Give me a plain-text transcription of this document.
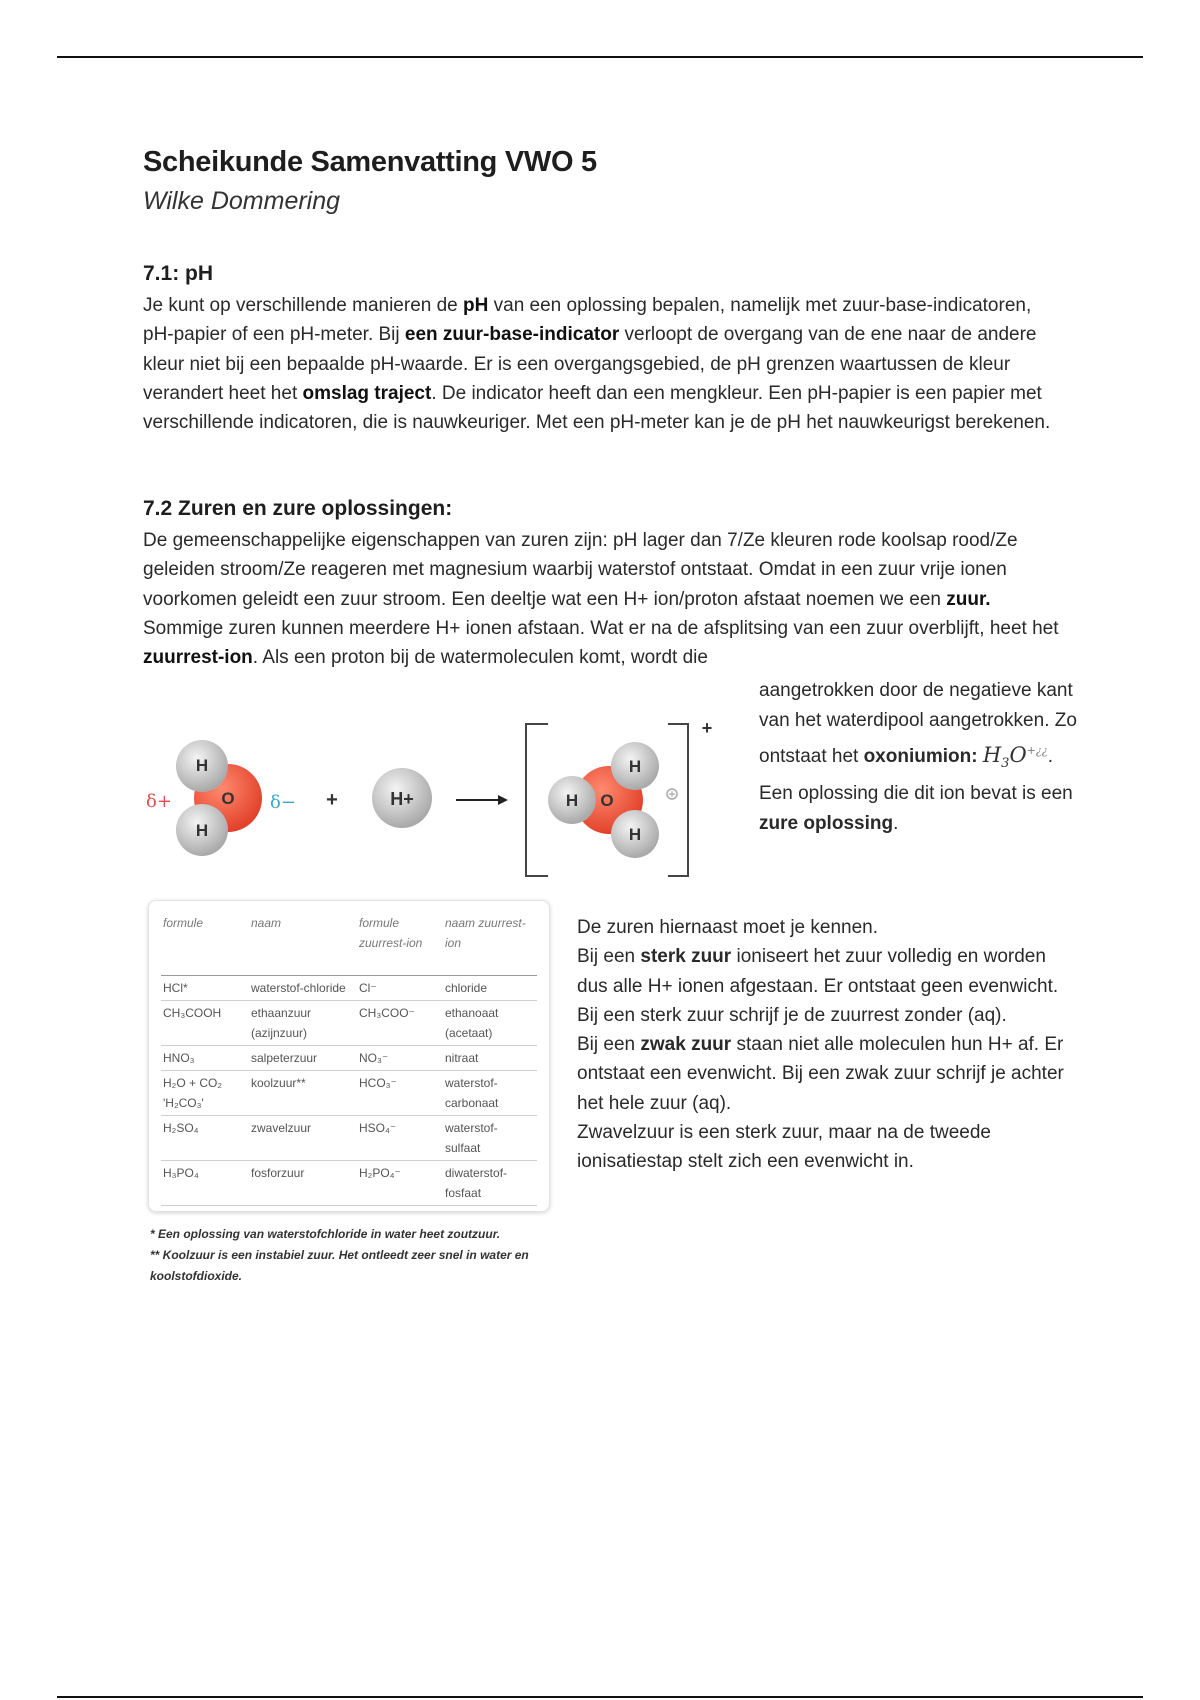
Scheikunde Samenvatting VWO 5
Wilke Dommering
7.1: pH

Je kunt op verschillende manieren de pH van een oplossing bepalen, namelijk met zuur-base-indicatoren, pH-papier of een pH-meter. Bij een zuur-base-indicator verloopt de overgang van de ene naar de andere kleur niet bij een bepaalde pH-waarde. Er is een overgangsgebied, de pH grenzen waartussen de kleur verandert heet het omslag traject. De indicator heeft dan een mengkleur. Een pH-papier is een papier met verschillende indicatoren, die is nauwkeuriger. Met een pH-meter kan je de pH het nauwkeurigst berekenen.

7.2 Zuren en zure oplossingen:

De gemeenschappelijke eigenschappen van zuren zijn: pH lager dan 7/Ze kleuren rode koolsap rood/Ze geleiden stroom/Ze reageren met magnesium waarbij waterstof ontstaat. Omdat in een zuur vrije ionen voorkomen geleidt een zuur stroom. Een deeltje wat een H+ ion/proton afstaat noemen we een zuur. Sommige zuren kunnen meerdere H+ ionen afstaan. Wat er na de afsplitsing van een zuur overblijft, heet het zuurrest-ion. Als een proton bij de watermoleculen komt, wordt die

aangetrokken door de negatieve kant van het waterdipool aangetrokken. Zo ontstaat het oxoniumion: $H_3O^{+¿¿}$. Een oplossing die dit ion bevat is een zure oplossing.

δ+
H
H
O δ− +	H+
+
H O
H
H
formule	naam	formule zuurrest-ion	naam zuurrest-ion
HCl*	waterstof-chloride	Cl⁻	chloride
CH₃COOH	ethaanzuur (azijnzuur)	CH₃COO⁻	ethanoaat (acetaat)
HNO₃	salpeterzuur	NO₃⁻	nitraat
H₂O + CO₂ 'H₂CO₃'	koolzuur**	HCO₃⁻	waterstof-carbonaat
H₂SO₄	zwavelzuur	HSO₄⁻	waterstof-sulfaat
H₃PO₄	fosforzuur	H₂PO₄⁻	diwaterstof-fosfaat
* Een oplossing van waterstofchloride in water heet zoutzuur.
** Koolzuur is een instabiel zuur. Het ontleedt zeer snel in water en koolstofdioxide.
De zuren hiernaast moet je kennen.
Bij een sterk zuur ioniseert het zuur volledig en worden dus alle H+ ionen afgestaan. Er ontstaat geen evenwicht. Bij een sterk zuur schrijf je de zuurrest zonder (aq).
Bij een zwak zuur staan niet alle moleculen hun H+ af. Er ontstaat een evenwicht. Bij een zwak zuur schrijf je achter het hele zuur (aq).
Zwavelzuur is een sterk zuur, maar na de tweede ionisatiestap stelt zich een evenwicht in.
